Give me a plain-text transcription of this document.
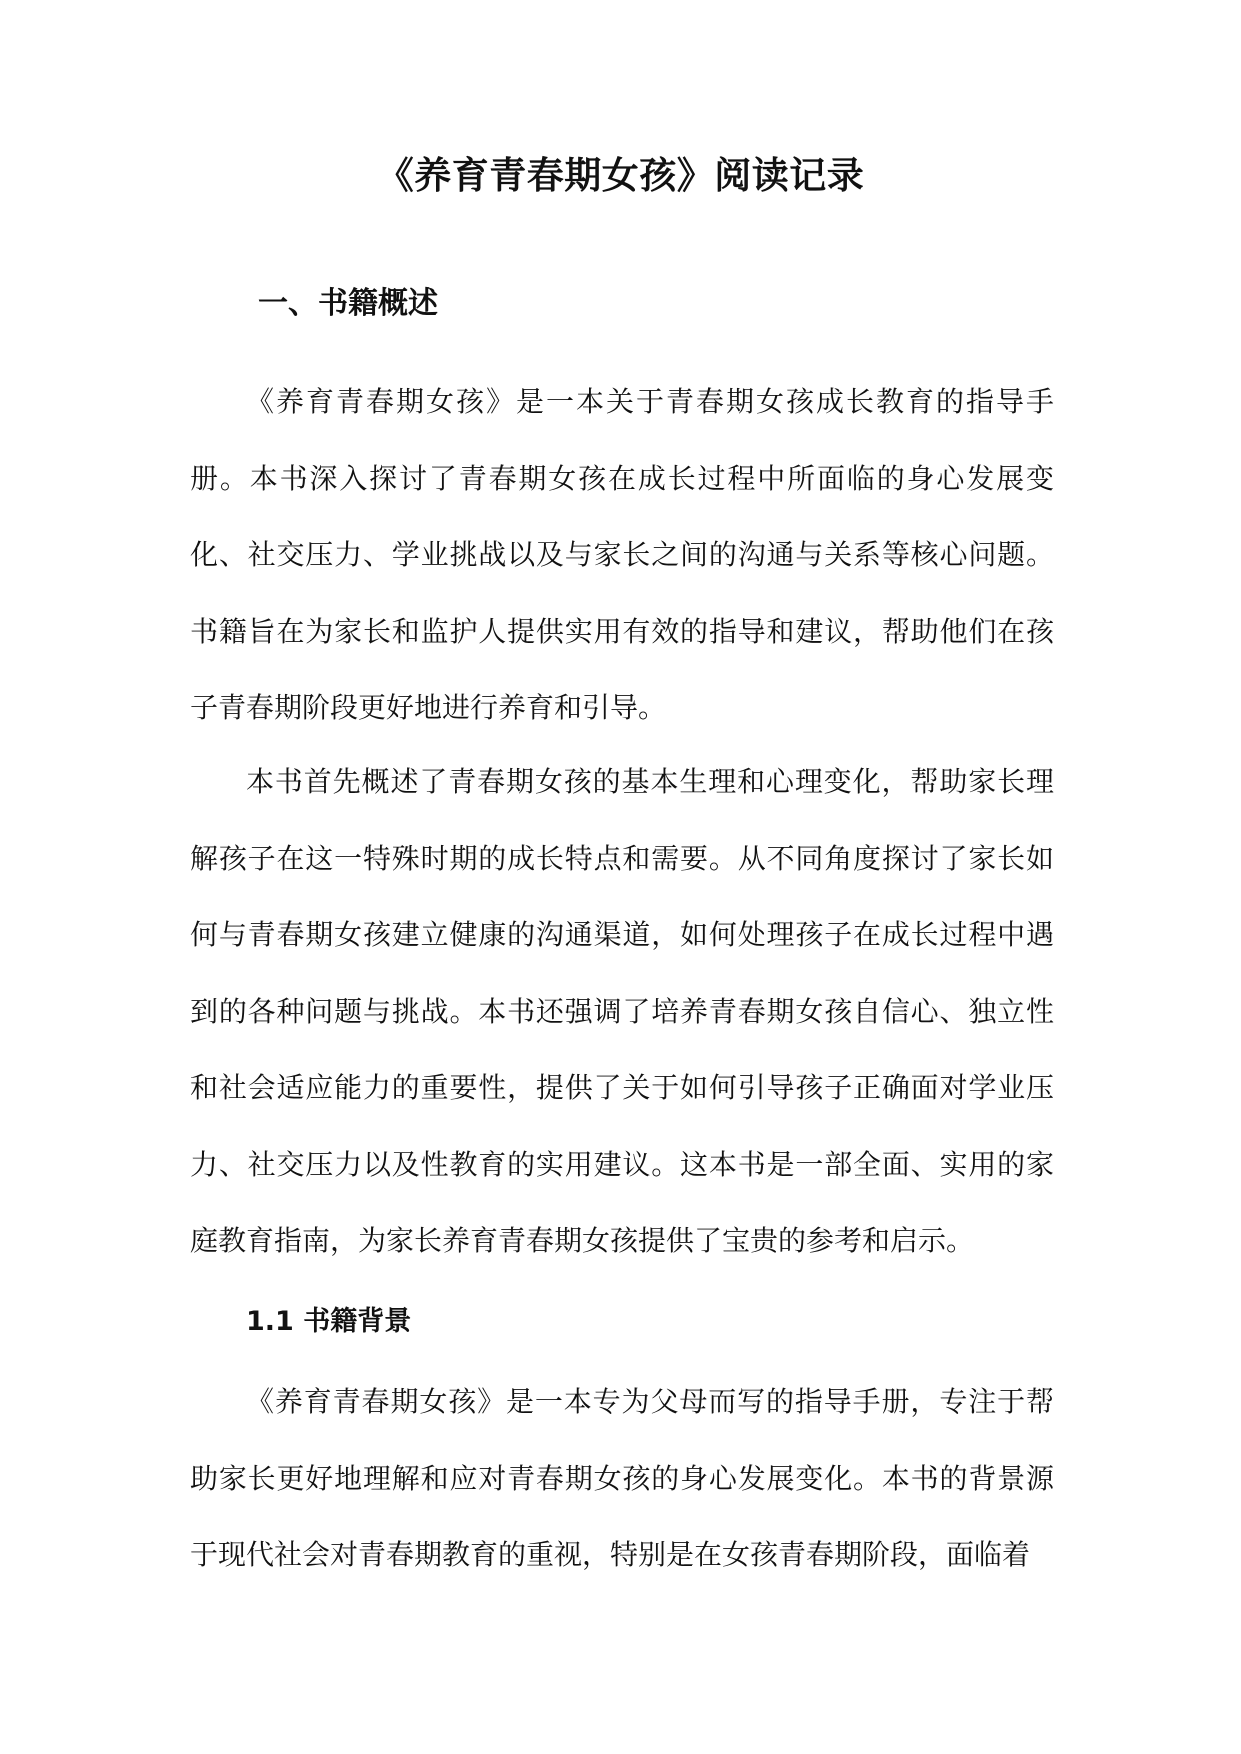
《养育青春期女孩》阅读记录
一、书籍概述

《养育青春期女孩》是一本关于青春期女孩成长教育的指导手册。本书深入探讨了青春期女孩在成长过程中所面临的身心发展变化、社交压力、学业挑战以及与家长之间的沟通与关系等核心问题。书籍旨在为家长和监护人提供实用有效的指导和建议，帮助他们在孩子青春期阶段更好地进行养育和引导。

本书首先概述了青春期女孩的基本生理和心理变化，帮助家长理解孩子在这一特殊时期的成长特点和需要。从不同角度探讨了家长如何与青春期女孩建立健康的沟通渠道，如何处理孩子在成长过程中遇到的各种问题与挑战。本书还强调了培养青春期女孩自信心、独立性和社会适应能力的重要性，提供了关于如何引导孩子正确面对学业压力、社交压力以及性教育的实用建议。这本书是一部全面、实用的家庭教育指南，为家长养育青春期女孩提供了宝贵的参考和启示。

1.1 书籍背景

《养育青春期女孩》是一本专为父母而写的指导手册，专注于帮助家长更好地理解和应对青春期女孩的身心发展变化。本书的背景源于现代社会对青春期教育的重视，特别是在女孩青春期阶段，面临着
